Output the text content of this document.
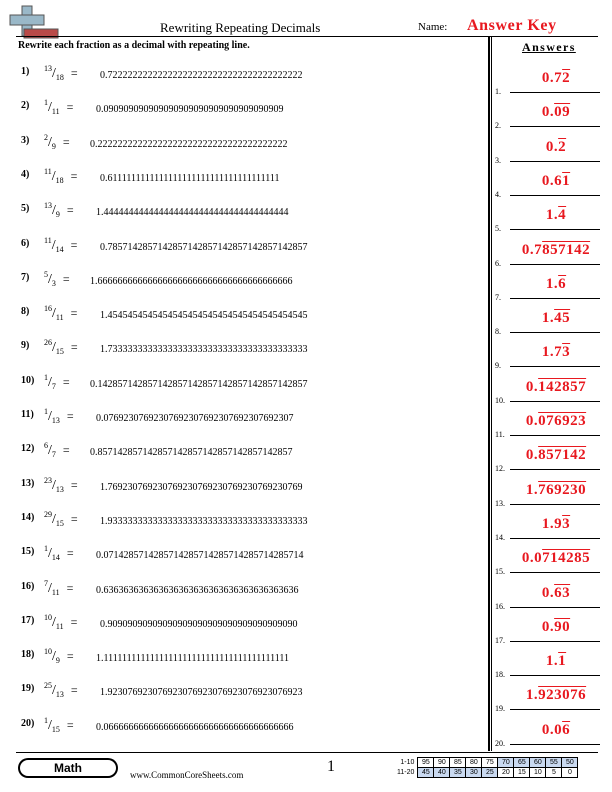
Rewriting Repeating Decimals	Name: Answer Key
Rewrite each fraction as a decimal with repeating line.	Answers
1) $^{13}/_{18} = 0.722222222222222222222222222222222222222$
2) $^1/_{11} = 0.090909090909090909090909090909090909$
3) $^2/_9 = 0.22222222222222222222222222222222222222$
4) $^{11}/_{18} = 0.6111111111111111111111111111111111111$
5) $^{13}/_9 = 1.4444444444444444444444444444444444444$
6) $^{11}/_{14} = 0.7857142857142857142857142857142857142857$
7) $^5/_3 = 1.666666666666666666666666666666666666666$
8) $^{16}/_{11} = 1.4545454545454545454545454545454545454545$
9) $^{26}/_{15} = 1.7333333333333333333333333333333333333333$
10) $^1/_7 = 0.142857142857142857142857142857142857142857$
11) $^1/_{13} = 0.07692307692307692307692307692307692307$
12) $^6/_7 = 0.857142857142857142857142857142857142857$
13) $^{23}/_{13} = 1.769230769230769230769230769230769230769$
14) $^{29}/_{15} = 1.9333333333333333333333333333333333333333$
15) $^1/_{14} = 0.0714285714285714285714285714285714285714$
16) $^7/_{11} = 0.636363636363636363636363636363636363636$
17) $^{10}/_{11} = 0.90909090909090909090909090909090909090$
18) $^{10}/_9 = 1.1111111111111111111111111111111111111111$
19) $^{25}/_{13} = 1.923076923076923076923076923076923076923$
20) $^1/_{15} = 0.06666666666666666666666666666666666666$
1.
0.72
2.
0.09
3.
0.2
4.
0.61
5.
1.4
6.
0.7857142
7.
1.6
8.
1.45
9.
1.73
10.
0.142857
11.
0.076923
12.
0.857142
13.
1.769230
14.
1.93
15.
0.0714285
16.
0.63
17.
0.90
18.
1.1
19.
1.923076
20.
0.06
Math	www.CommonCoreSheets.com	1	1-10	95	90	85	80	75	70	65	60	55	50
11-20	45	40	35	30	25	20	15	10	5	0
